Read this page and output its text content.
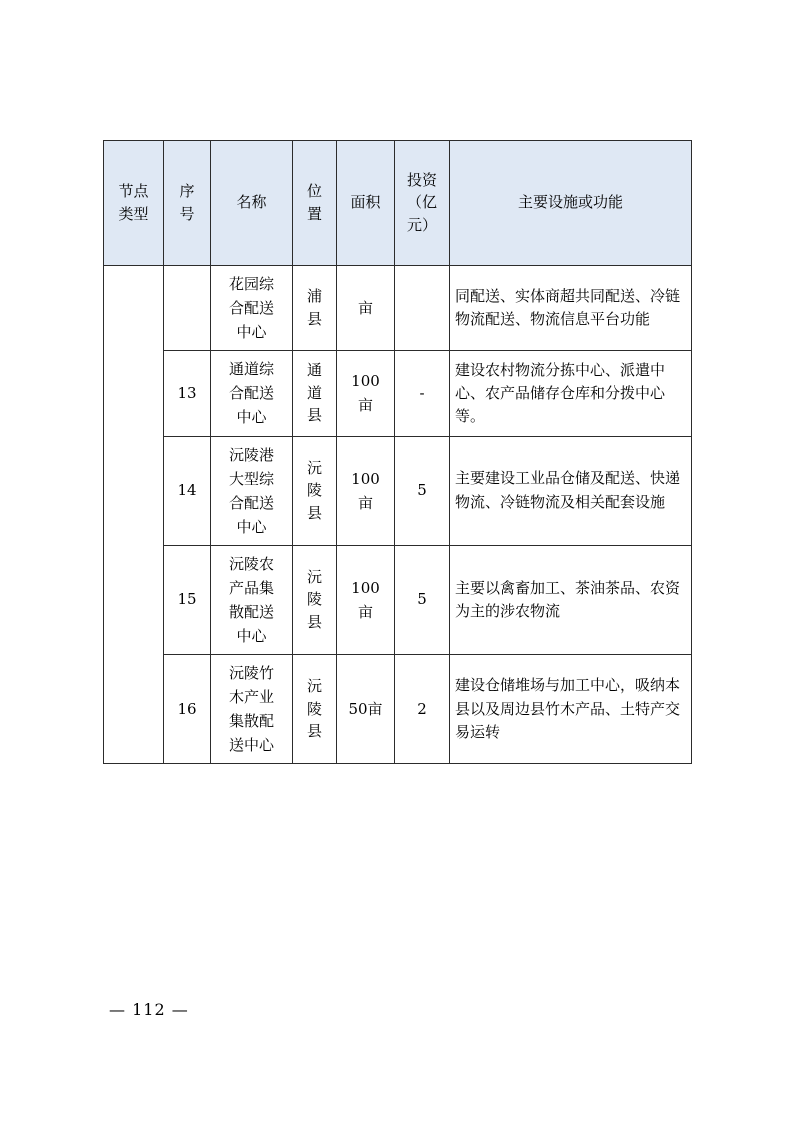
节点类型	序号	名称	位置	面积	投资（亿元）	主要设施或功能
		花园综合配送中心	浦县	亩		同配送、实体商超共同配送、冷链物流配送、物流信息平台功能
	13	通道综合配送中心	通道县	100亩	-	建设农村物流分拣中心、派遣中心、农产品储存仓库和分拨中心等。
	14	沅陵港大型综合配送中心	沅陵县	100亩	5	主要建设工业品仓储及配送、快递物流、冷链物流及相关配套设施
	15	沅陵农产品集散配送中心	沅陵县	100亩	5	主要以禽畜加工、茶油茶品、农资为主的涉农物流
	16	沅陵竹木产业集散配送中心	沅陵县	50亩	2	建设仓储堆场与加工中心，吸纳本县以及周边县竹木产品、土特产交易运转
— 112 —
